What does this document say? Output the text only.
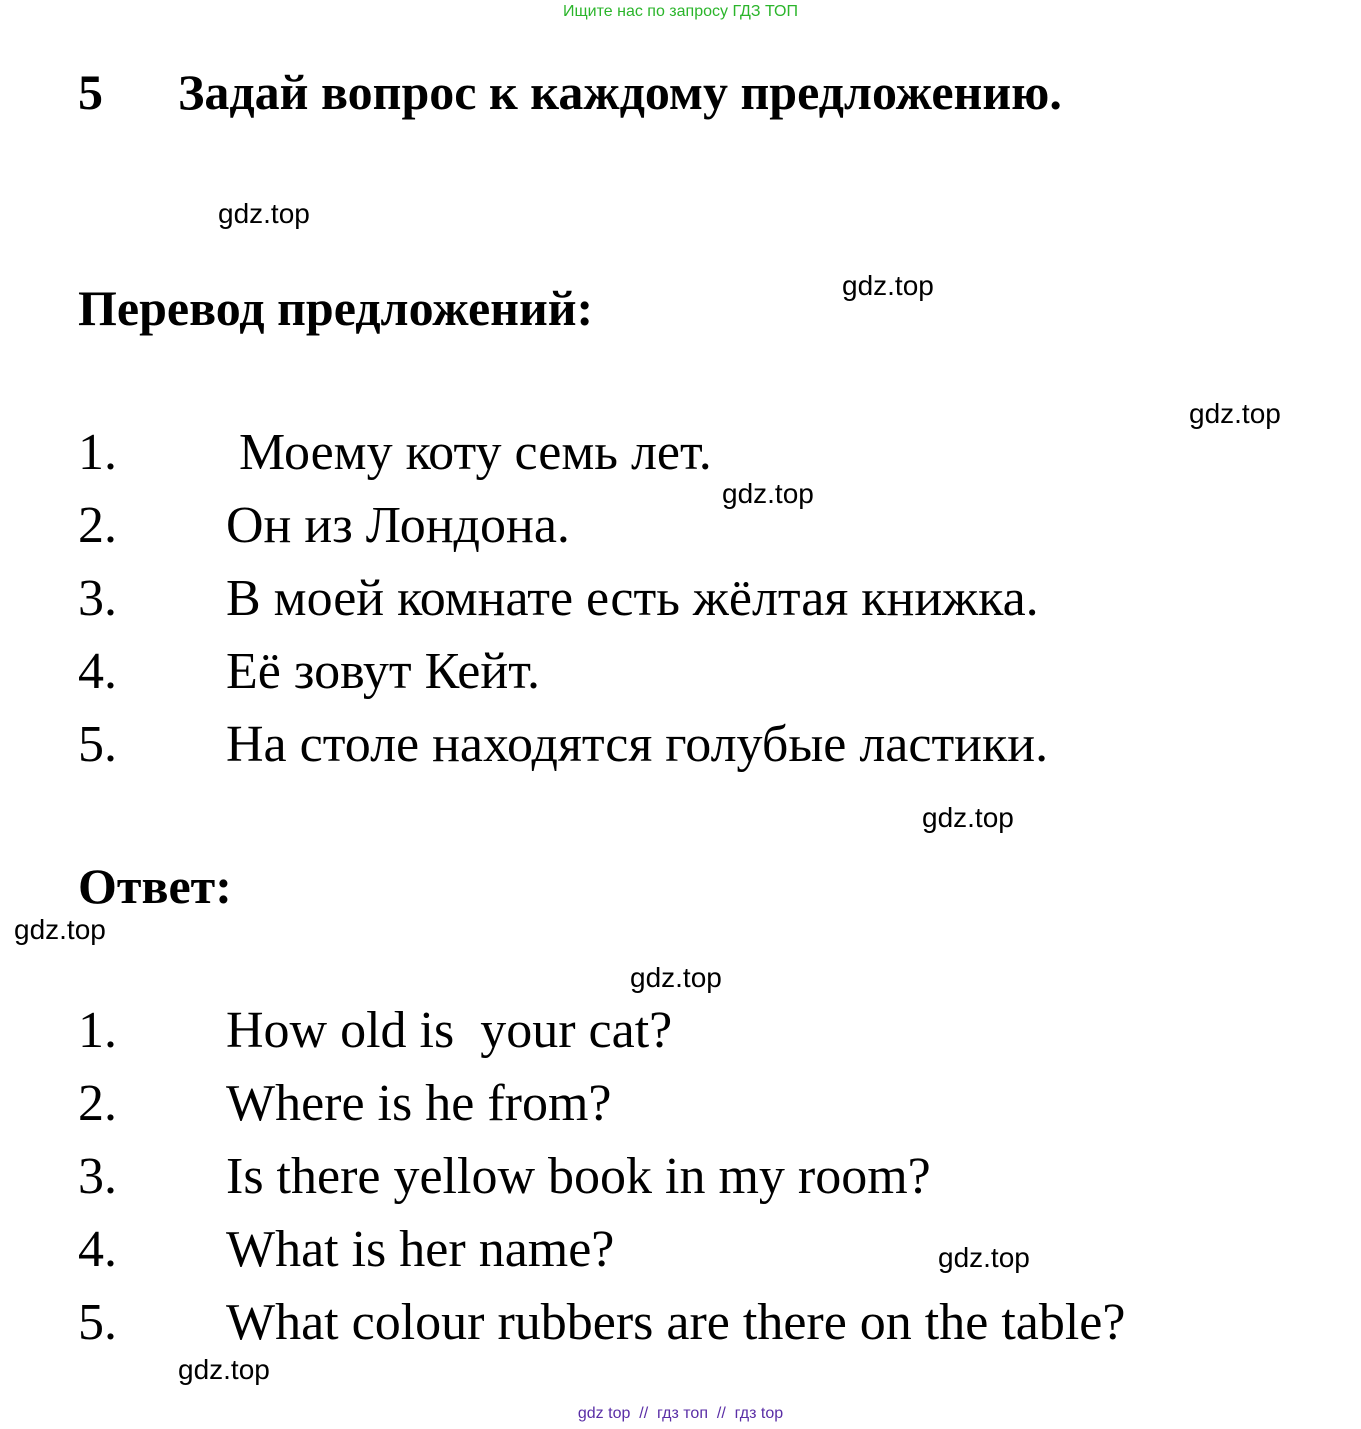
Ищите нас по запросу ГДЗ ТОП
5 Задай вопрос к каждому предложению.
gdz.top
Перевод предложений:	gdz.top
gdz.top
1. Моему коту семь лет.
2. Он из Лондона.
3. В моей комнате есть жёлтая книжка.
4. Её зовут Кейт.
5. На столе находятся голубые ластики.
gdz.top
gdz.top
Ответ:
gdz.top
gdz.top
1. How old is  your cat?
2. Where is he from?
3. Is there yellow book in my room?
4. What is her name?
5. What colour rubbers are there on the table?
gdz.top
gdz.top
gdz top  //  гдз топ  //  гдз top
